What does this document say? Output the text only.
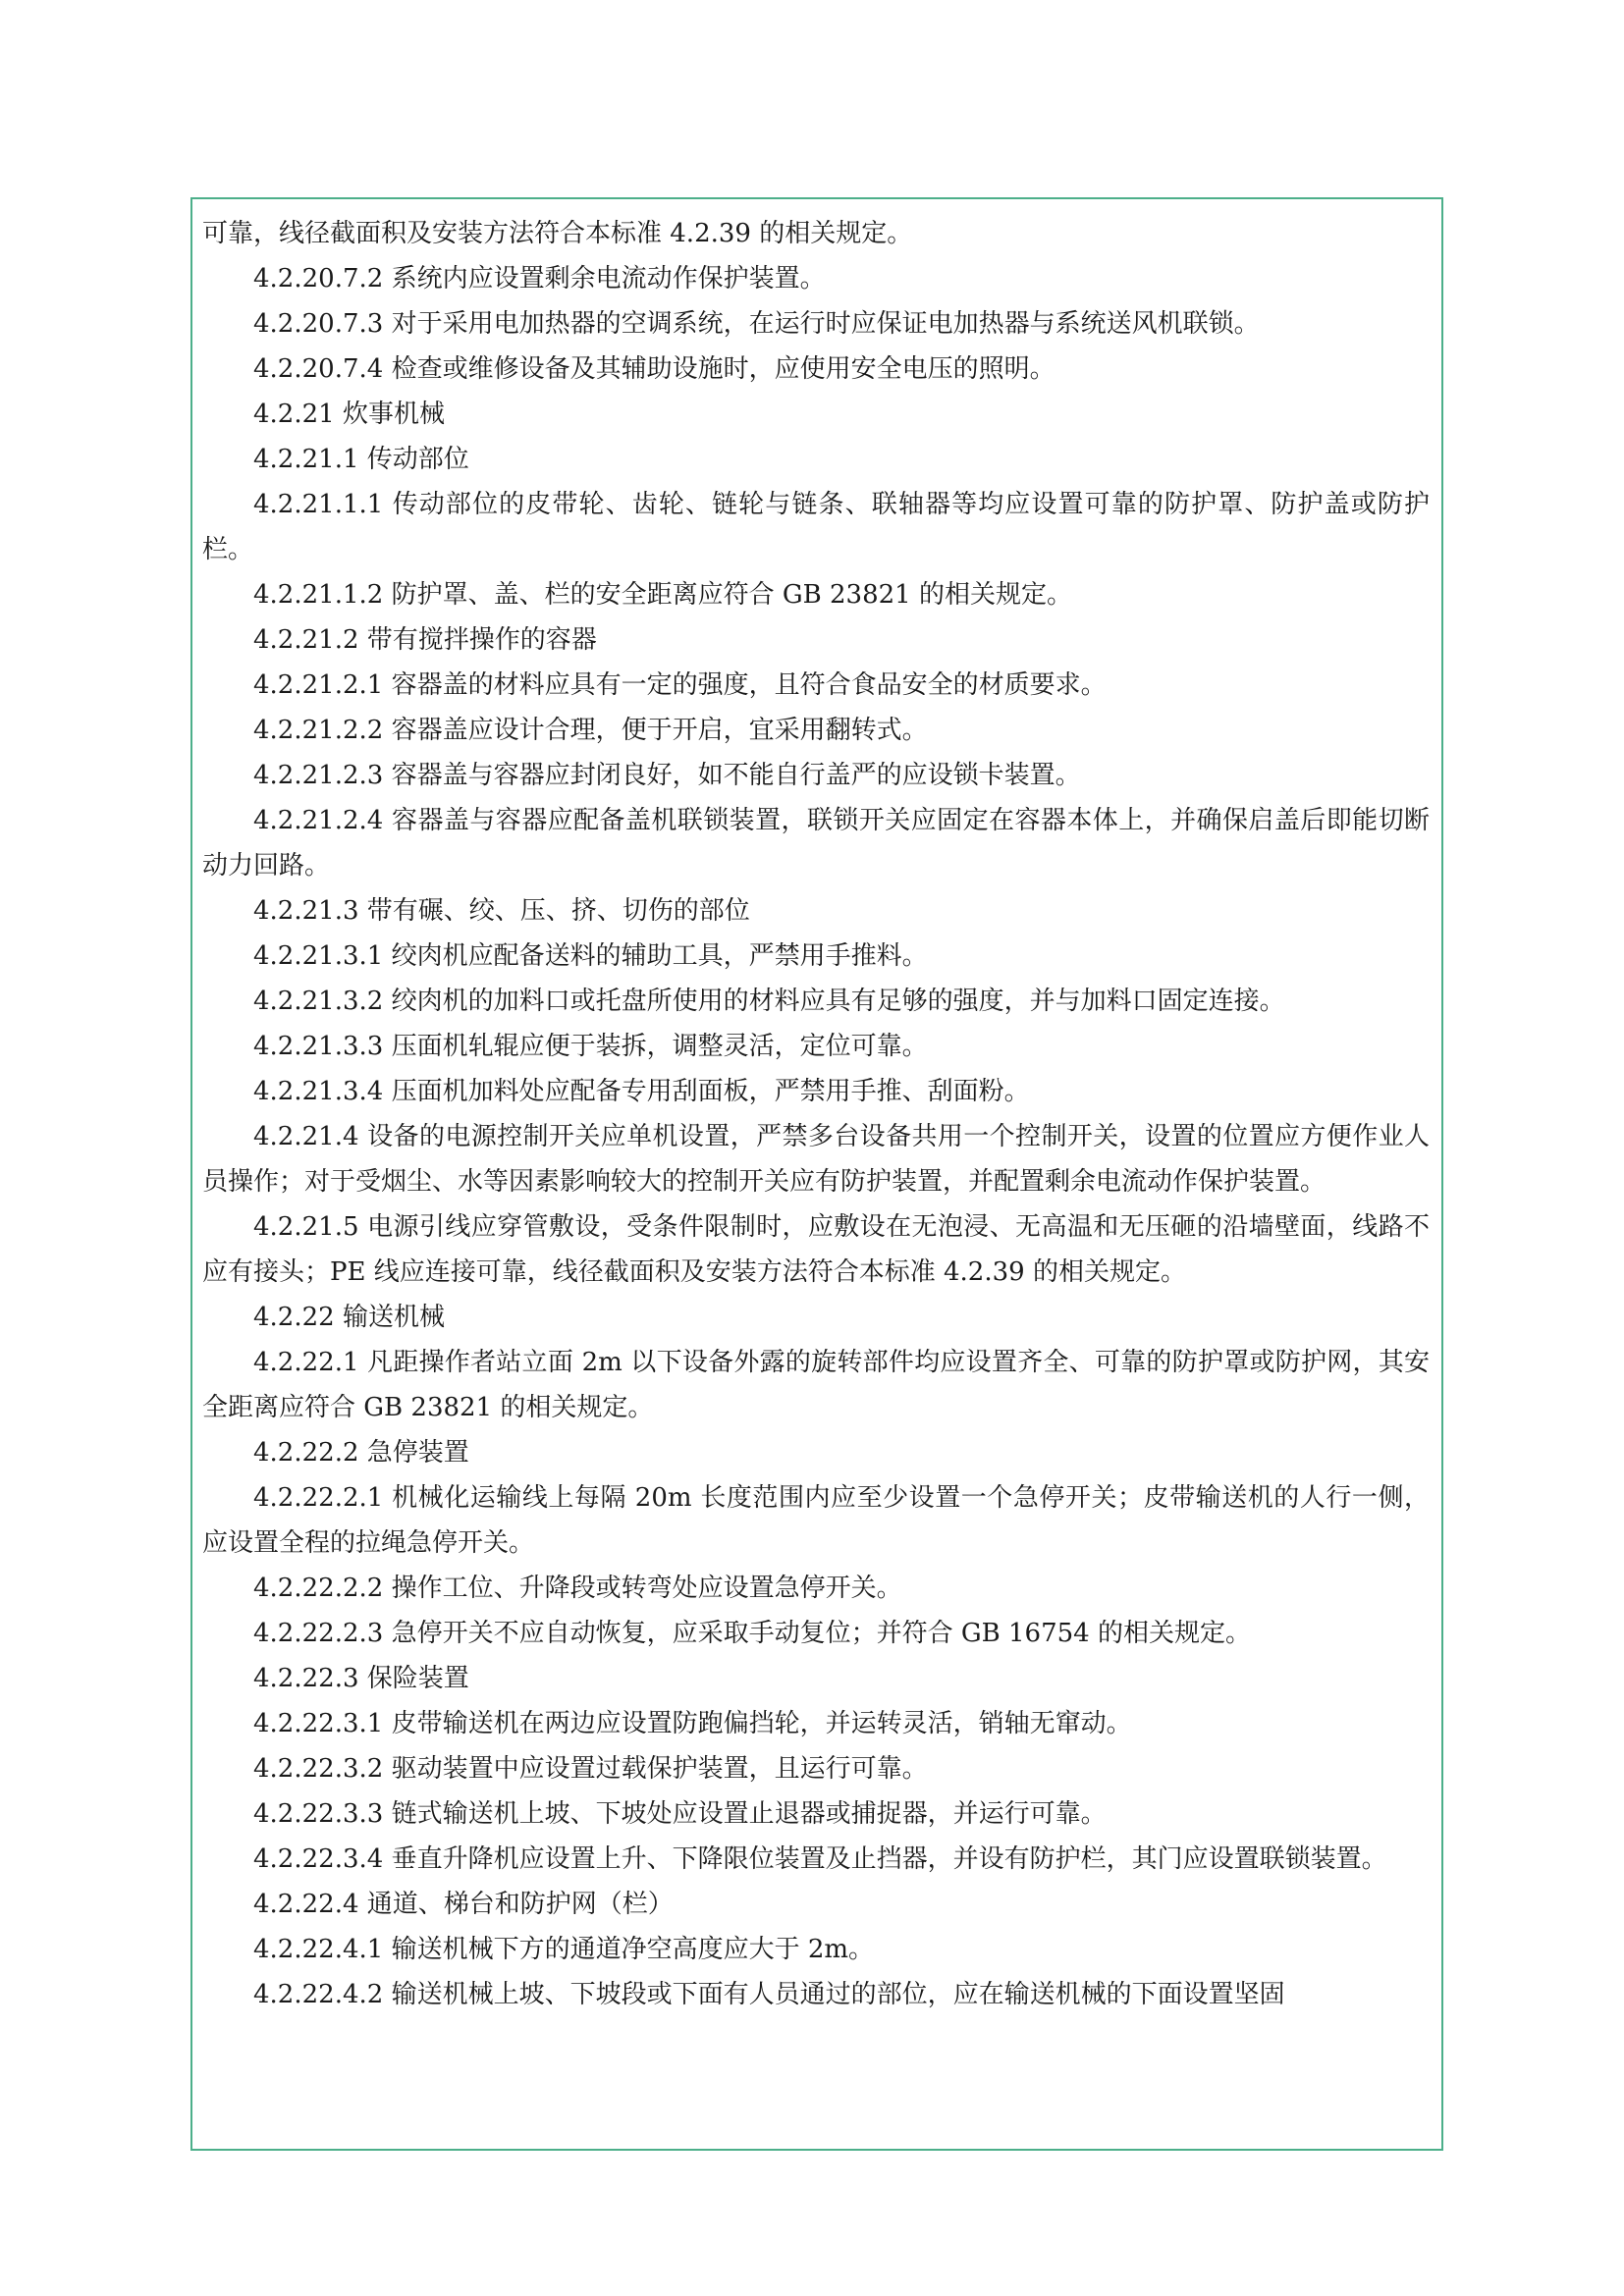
可靠，线径截面积及安装方法符合本标准 4.2.39 的相关规定。

4.2.20.7.2 系统内应设置剩余电流动作保护装置。

4.2.20.7.3 对于采用电加热器的空调系统，在运行时应保证电加热器与系统送风机联锁。

4.2.20.7.4 检查或维修设备及其辅助设施时，应使用安全电压的照明。

4.2.21 炊事机械

4.2.21.1 传动部位

4.2.21.1.1 传动部位的皮带轮、齿轮、链轮与链条、联轴器等均应设置可靠的防护罩、防护盖或防护栏。

4.2.21.1.2 防护罩、盖、栏的安全距离应符合 GB 23821 的相关规定。

4.2.21.2 带有搅拌操作的容器

4.2.21.2.1 容器盖的材料应具有一定的强度，且符合食品安全的材质要求。

4.2.21.2.2 容器盖应设计合理，便于开启，宜采用翻转式。

4.2.21.2.3 容器盖与容器应封闭良好，如不能自行盖严的应设锁卡装置。

4.2.21.2.4 容器盖与容器应配备盖机联锁装置，联锁开关应固定在容器本体上，并确保启盖后即能切断动力回路。

4.2.21.3 带有碾、绞、压、挤、切伤的部位

4.2.21.3.1 绞肉机应配备送料的辅助工具，严禁用手推料。

4.2.21.3.2 绞肉机的加料口或托盘所使用的材料应具有足够的强度，并与加料口固定连接。

4.2.21.3.3 压面机轧辊应便于装拆，调整灵活，定位可靠。

4.2.21.3.4 压面机加料处应配备专用刮面板，严禁用手推、刮面粉。

4.2.21.4 设备的电源控制开关应单机设置，严禁多台设备共用一个控制开关，设置的位置应方便作业人员操作；对于受烟尘、水等因素影响较大的控制开关应有防护装置，并配置剩余电流动作保护装置。

4.2.21.5 电源引线应穿管敷设，受条件限制时，应敷设在无泡浸、无高温和无压砸的沿墙壁面，线路不应有接头；PE 线应连接可靠，线径截面积及安装方法符合本标准 4.2.39 的相关规定。

4.2.22 输送机械

4.2.22.1 凡距操作者站立面 2m 以下设备外露的旋转部件均应设置齐全、可靠的防护罩或防护网，其安全距离应符合 GB 23821 的相关规定。

4.2.22.2 急停装置

4.2.22.2.1 机械化运输线上每隔 20m 长度范围内应至少设置一个急停开关；皮带输送机的人行一侧，应设置全程的拉绳急停开关。

4.2.22.2.2 操作工位、升降段或转弯处应设置急停开关。

4.2.22.2.3 急停开关不应自动恢复，应采取手动复位；并符合 GB 16754 的相关规定。

4.2.22.3 保险装置

4.2.22.3.1 皮带输送机在两边应设置防跑偏挡轮，并运转灵活，销轴无窜动。

4.2.22.3.2 驱动装置中应设置过载保护装置，且运行可靠。

4.2.22.3.3 链式输送机上坡、下坡处应设置止退器或捕捉器，并运行可靠。

4.2.22.3.4 垂直升降机应设置上升、下降限位装置及止挡器，并设有防护栏，其门应设置联锁装置。

4.2.22.4 通道、梯台和防护网（栏）

4.2.22.4.1 输送机械下方的通道净空高度应大于 2m。

4.2.22.4.2 输送机械上坡、下坡段或下面有人员通过的部位，应在输送机械的下面设置坚固
